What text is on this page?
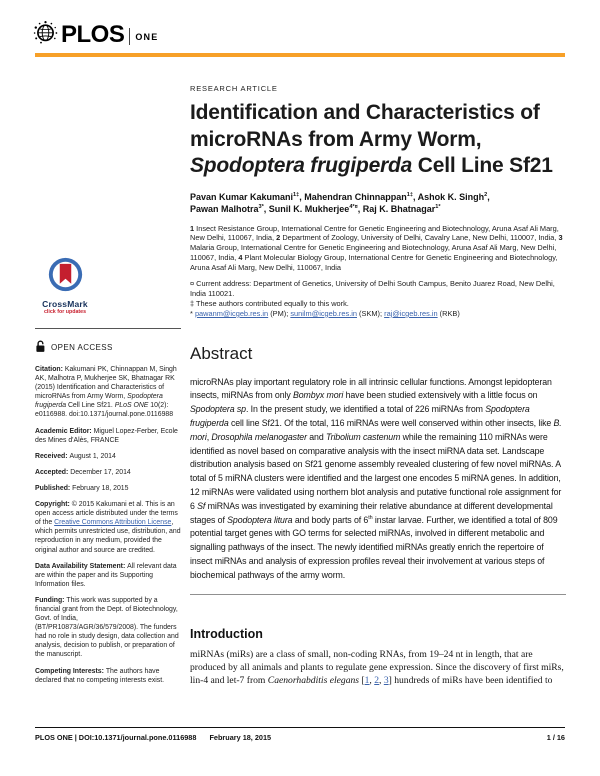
PLOS ONE
CrossMark
click for updates
OPEN ACCESS
Citation: Kakumani PK, Chinnappan M, Singh AK, Malhotra P, Mukherjee SK, Bhatnagar RK (2015) Identification and Characteristics of microRNAs from Army Worm, Spodoptera frugiperda Cell Line Sf21. PLoS ONE 10(2): e0116988. doi:10.1371/journal.pone.0116988
Academic Editor: Miguel Lopez-Ferber, Ecole des Mines d'Alès, FRANCE
Received: August 1, 2014
Accepted: December 17, 2014
Published: February 18, 2015
Copyright: © 2015 Kakumani et al. This is an open access article distributed under the terms of the Creative Commons Attribution License, which permits unrestricted use, distribution, and reproduction in any medium, provided the original author and source are credited.
Data Availability Statement: All relevant data are within the paper and its Supporting Information files.
Funding: This work was supported by a financial grant from the Dept. of Biotechnology, Govt. of India, (BT/PR10873/AGR/36/579/2008). The funders had no role in study design, data collection and analysis, decision to publish, or preparation of the manuscript.
Competing Interests: The authors have declared that no competing interests exist.
RESEARCH ARTICLE
Identification and Characteristics of microRNAs from Army Worm, Spodoptera frugiperda Cell Line Sf21
Pavan Kumar Kakumani$^{1\ddagger}$, Mahendran Chinnappan$^{1\ddagger}$, Ashok K. Singh$^2$,
Pawan Malhotra$^{3*}$, Sunil K. Mukherjee$^{4*¤}$, Raj K. Bhatnagar$^{1*}$
1 Insect Resistance Group, International Centre for Genetic Engineering and Biotechnology, Aruna Asaf Ali Marg, New Delhi, 110067, India, 2 Department of Zoology, University of Delhi, Cavalry Lane, New Delhi, 110007, India, 3 Malaria Group, International Centre for Genetic Engineering and Biotechnology, Aruna Asaf Ali Marg, New Delhi, 110067, India, 4 Plant Molecular Biology Group, International Centre for Genetic Engineering and Biotechnology, Aruna Asaf Ali Marg, New Delhi, 110067, India
¤ Current address: Department of Genetics, University of Delhi South Campus, Benito Juarez Road, New Delhi, India 110021.
‡ These authors contributed equally to this work.
* pawanm@icgeb.res.in (PM); sunilm@icgeb.res.in (SKM); raj@icgeb.res.in (RKB)
Abstract
microRNAs play important regulatory role in all intrinsic cellular functions. Amongst lepidopteran insects, miRNAs from only Bombyx mori have been studied extensively with a little focus on Spodoptera sp. In the present study, we identified a total of 226 miRNAs from Spodoptera frugiperda cell line Sf21. Of the total, 116 miRNAs were well conserved within other insects, like B. mori, Drosophila melanogaster and Tribolium castenum while the remaining 110 miRNAs were identified as novel based on comparative analysis with the insect miRNA data set. Landscape distribution analysis based on Sf21 genome assembly revealed clustering of few novel miRNAs. A total of 5 miRNA clusters were identified and the largest one encodes 5 miRNA genes. In addition, 12 miRNAs were validated using northern blot analysis and putative functional role assignment for 6 Sf miRNAs was investigated by examining their relative abundance at different developmental stages of Spodoptera litura and body parts of 6th instar larvae. Further, we identified a total of 809 potential target genes with GO terms for selected miRNAs, involved in different metabolic and signalling pathways of the insect. The newly identified miRNAs greatly enrich the repertoire of insect miRNAs and analysis of expression profiles reveal their involvement at various steps of biochemical pathways of the army worm.
Introduction
miRNAs (miRs) are a class of small, non-coding RNAs, from 19–24 nt in length, that are produced by all animals and plants to regulate gene expression. Since the discovery of first miRs, lin-4 and let-7 from Caenorhabditis elegans [1, 2, 3] hundreds of miRs have been identified to
PLOS ONE | DOI:10.1371/journal.pone.0116988 February 18, 2015	1 / 16
